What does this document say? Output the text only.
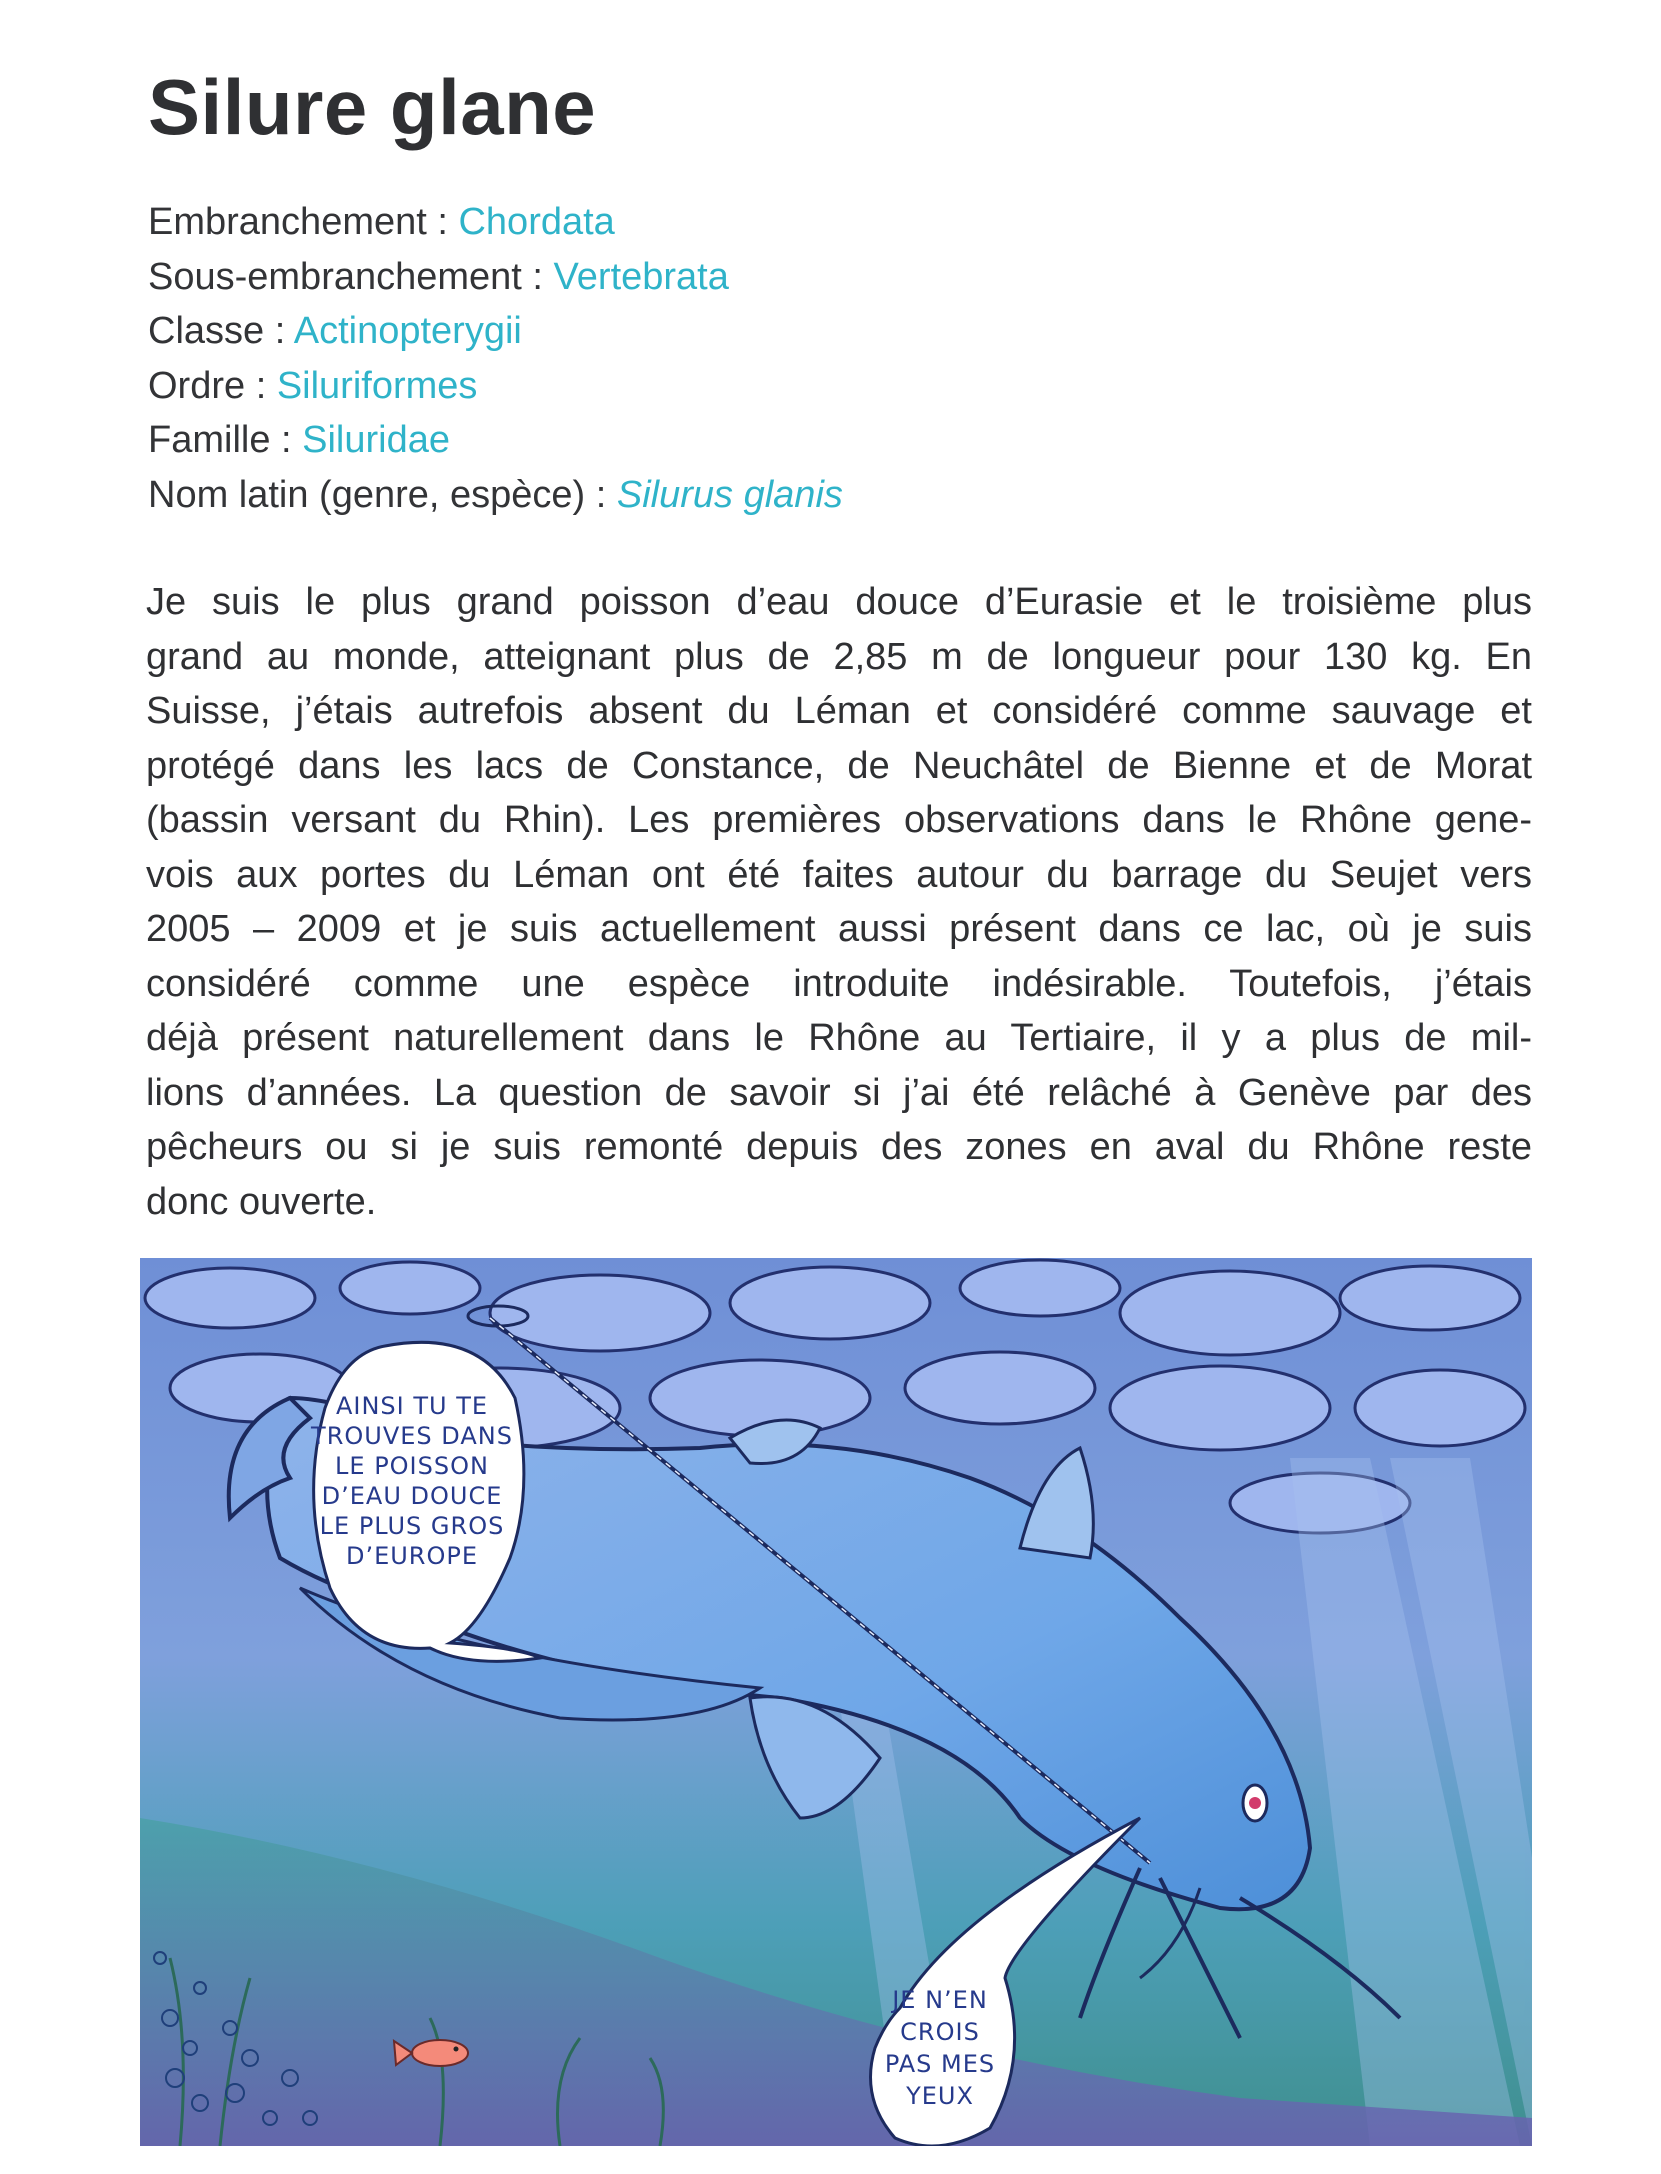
Silure glane
Embranchement : Chordata
Sous-embranchement : Vertebrata
Classe : Actinopterygii
Ordre : Siluriformes
Famille : Siluridae
Nom latin (genre, espèce) : Silurus glanis
Je suis le plus grand poisson d’eau douce d’Eurasie et le troisième plus
grand au monde, atteignant plus de 2,85 m de longueur pour 130 kg. En
Suisse, j’étais autrefois absent du Léman et considéré comme sauvage et
protégé dans les lacs de Constance, de Neuchâtel de Bienne et de Morat
(bassin versant du Rhin). Les premières observations dans le Rhône gene-
vois aux portes du Léman ont été faites autour du barrage du Seujet vers
2005 – 2009 et je suis actuellement aussi présent dans ce lac, où je suis
considéré comme une espèce introduite indésirable. Toutefois, j’étais
déjà présent naturellement dans le Rhône au Tertiaire, il y a plus de mil-
lions d’années. La question de savoir si j’ai été relâché à Genève par des
pêcheurs ou si je suis remonté depuis des zones en aval du Rhône reste
donc ouverte.
AINSI TU TE
TROUVES DANS
LE POISSON
D’EAU DOUCE
LE PLUS GROS
D’EUROPE
JE N’EN
CROIS
PAS MES
YEUX
